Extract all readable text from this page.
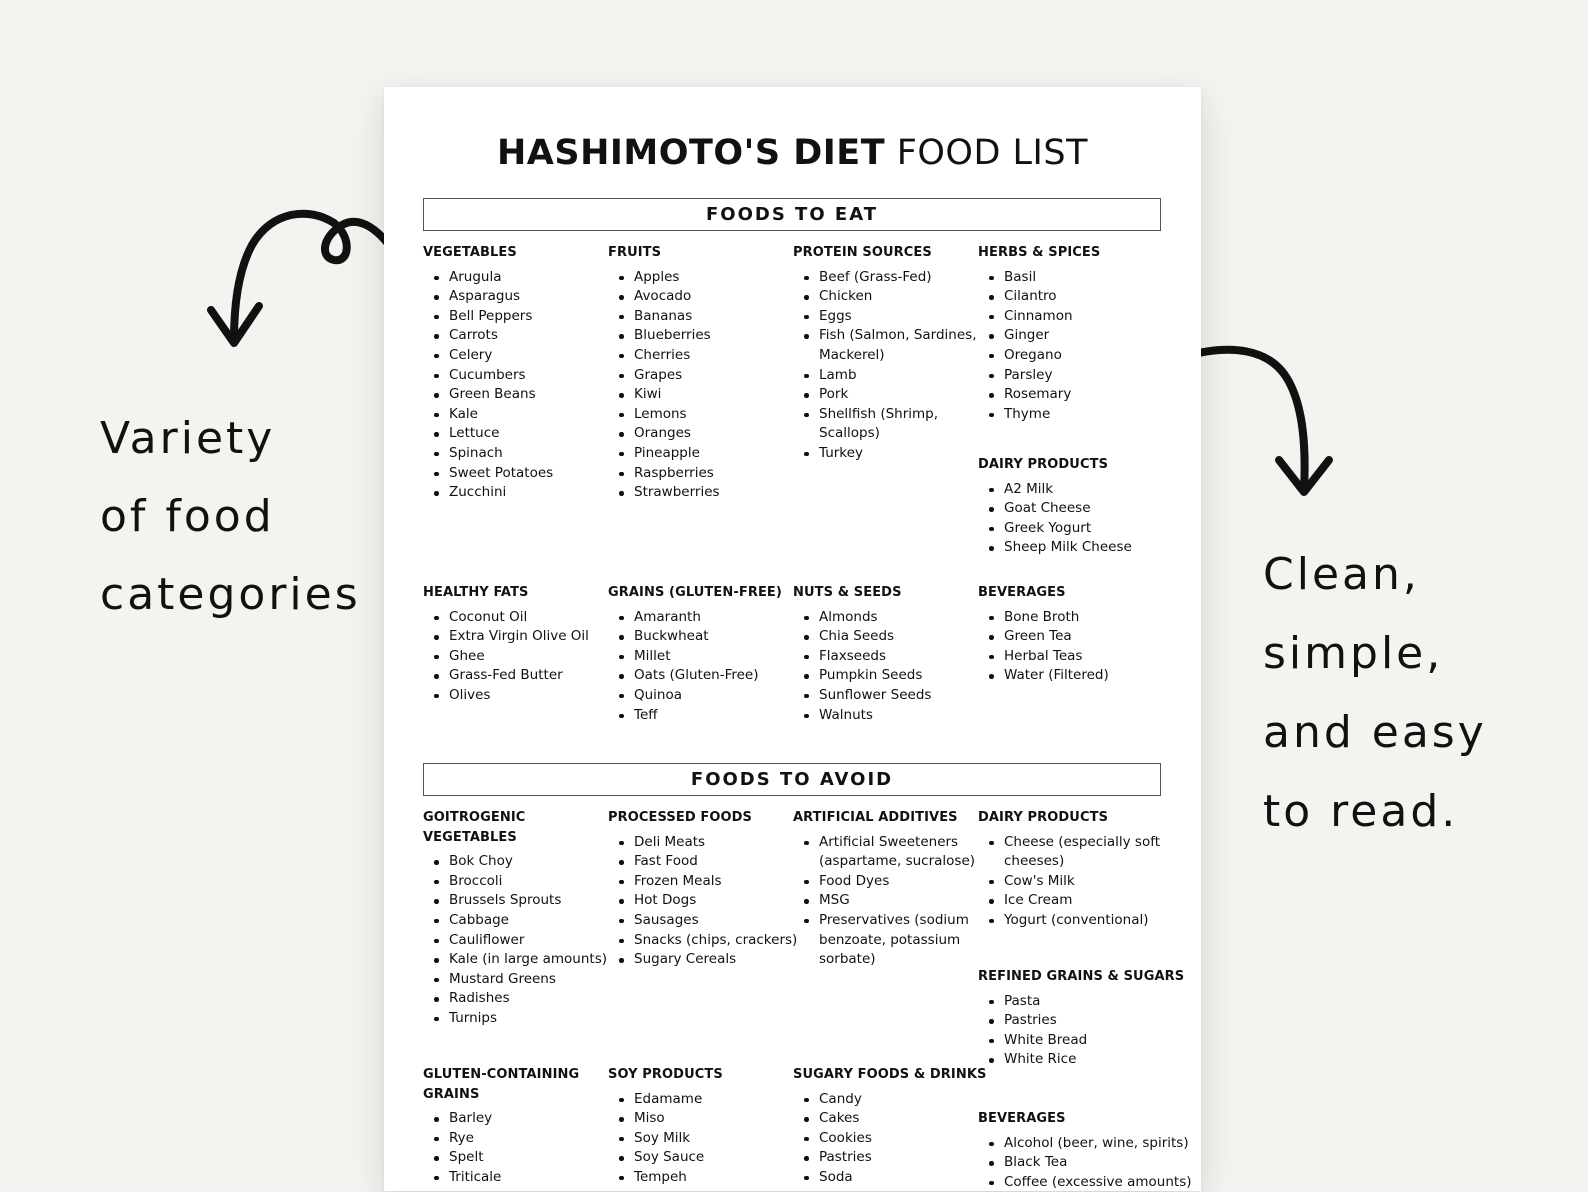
Variety
of food
categories	Clean,
simple,
and easy
to read.
HASHIMOTO'S DIET FOOD LIST
FOODS TO EAT

VEGETABLES

Arugula
Asparagus
Bell Peppers
Carrots
Celery
Cucumbers
Green Beans
Kale
Lettuce
Spinach
Sweet Potatoes
Zucchini

FRUITS

Apples
Avocado
Bananas
Blueberries
Cherries
Grapes
Kiwi
Lemons
Oranges
Pineapple
Raspberries
Strawberries

PROTEIN SOURCES

Beef (Grass-Fed)
Chicken
Eggs
Fish (Salmon, Sardines,
Mackerel)
Lamb
Pork
Shellfish (Shrimp,
Scallops)
Turkey

HERBS & SPICES

Basil
Cilantro
Cinnamon
Ginger
Oregano
Parsley
Rosemary
Thyme

DAIRY PRODUCTS

A2 Milk
Goat Cheese
Greek Yogurt
Sheep Milk Cheese

HEALTHY FATS

Coconut Oil
Extra Virgin Olive Oil
Ghee
Grass-Fed Butter
Olives

GRAINS (GLUTEN-FREE)

Amaranth
Buckwheat
Millet
Oats (Gluten-Free)
Quinoa
Teff

NUTS & SEEDS

Almonds
Chia Seeds
Flaxseeds
Pumpkin Seeds
Sunflower Seeds
Walnuts

BEVERAGES

Bone Broth
Green Tea
Herbal Teas
Water (Filtered)
FOODS TO AVOID

GOITROGENIC

VEGETABLES

Bok Choy
Broccoli
Brussels Sprouts
Cabbage
Cauliflower
Kale (in large amounts)
Mustard Greens
Radishes
Turnips

PROCESSED FOODS

Deli Meats
Fast Food
Frozen Meals
Hot Dogs
Sausages
Snacks (chips, crackers)
Sugary Cereals

ARTIFICIAL ADDITIVES

Artificial Sweeteners
(aspartame, sucralose)
Food Dyes
MSG
Preservatives (sodium
benzoate, potassium
sorbate)

DAIRY PRODUCTS

Cheese (especially soft
cheeses)
Cow's Milk
Ice Cream
Yogurt (conventional)

REFINED GRAINS & SUGARS

Pasta
Pastries
White Bread
White Rice

GLUTEN-CONTAINING

GRAINS

Barley
Rye
Spelt
Triticale

SOY PRODUCTS

Edamame
Miso
Soy Milk
Soy Sauce
Tempeh

SUGARY FOODS & DRINKS

Candy
Cakes
Cookies
Pastries
Soda

BEVERAGES

Alcohol (beer, wine, spirits)
Black Tea
Coffee (excessive amounts)
